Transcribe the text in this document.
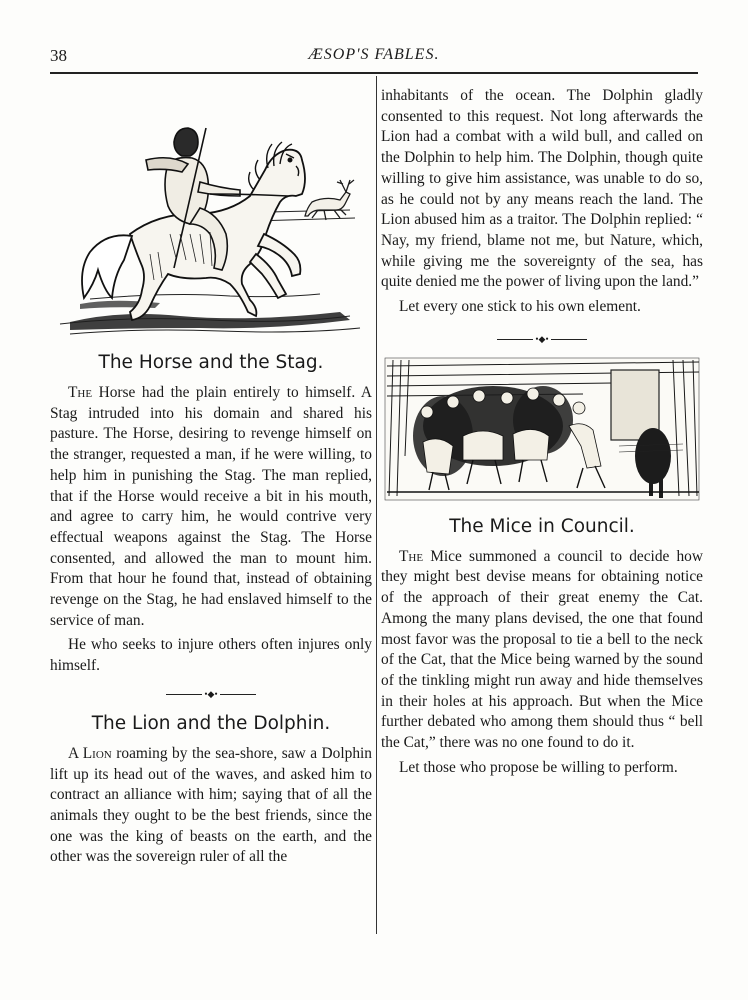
38	ÆSOP'S FABLES.
The Horse and the Stag.

The Horse had the plain entirely to himself. A Stag intruded into his domain and shared his pasture. The Horse, desiring to revenge himself on the stranger, requested a man, if he were willing, to help him in punishing the Stag. The man replied, that if the Horse would receive a bit in his mouth, and agree to carry him, he would contrive very effectual weapons against the Stag. The Horse consented, and allowed the man to mount him. From that hour he found that, instead of obtaining revenge on the Stag, he had enslaved himself to the service of man.

He who seeks to injure others often injures only himself.

•◆•
The Lion and the Dolphin.

A Lion roaming by the sea-shore, saw a Dolphin lift up its head out of the waves, and asked him to contract an alliance with him; saying that of all the animals they ought to be the best friends, since the one was the king of beasts on the earth, and the other was the sovereign ruler of all the

inhabitants of the ocean. The Dolphin gladly consented to this request. Not long afterwards the Lion had a combat with a wild bull, and called on the Dolphin to help him. The Dolphin, though quite willing to give him assistance, was unable to do so, as he could not by any means reach the land. The Lion abused him as a traitor. The Dolphin replied: “ Nay, my friend, blame not me, but Nature, which, while giving me the sovereignty of the sea, has quite denied me the power of living upon the land.”

Let every one stick to his own element.

•◆•
The Mice in Council.

The Mice summoned a council to decide how they might best devise means for obtaining notice of the approach of their great enemy the Cat. Among the many plans devised, the one that found most favor was the proposal to tie a bell to the neck of the Cat, that the Mice being warned by the sound of the tinkling might run away and hide themselves in their holes at his approach. But when the Mice further debated who among them should thus “ bell the Cat,” there was no one found to do it.

Let those who propose be willing to perform.
